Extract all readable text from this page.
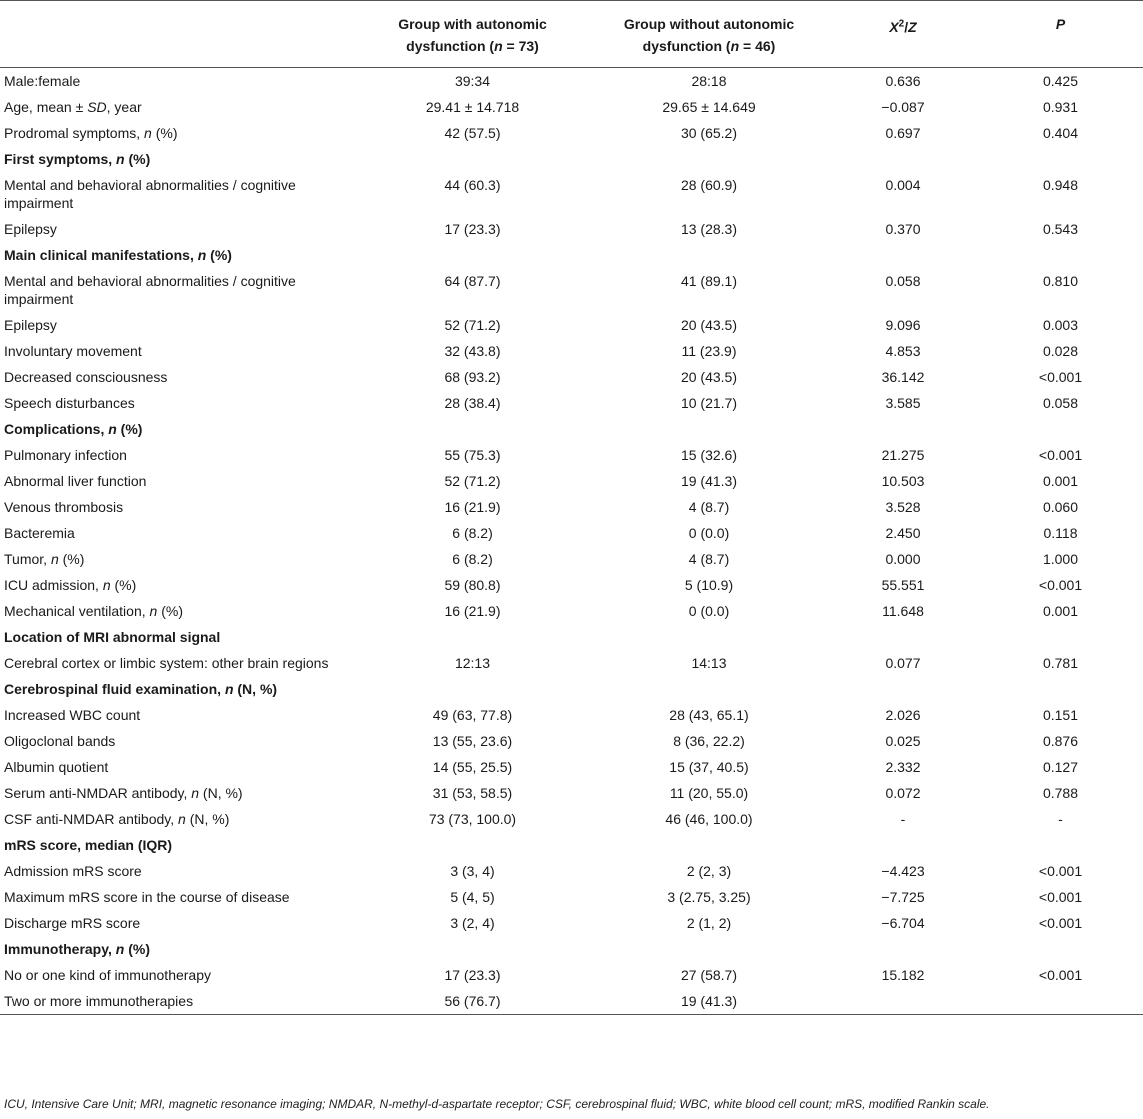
	Group with autonomic dysfunction (n = 73)	Group without autonomic dysfunction (n = 46)	$X^2/Z$	P
Male:female	39:34	28:18	0.636	0.425
Age, mean ± SD, year	29.41 ± 14.718	29.65 ± 14.649	−0.087	0.931
Prodromal symptoms, n (%)	42 (57.5)	30 (65.2)	0.697	0.404
First symptoms, n (%)				
Mental and behavioral abnormalities / cognitive impairment	44 (60.3)	28 (60.9)	0.004	0.948
Epilepsy	17 (23.3)	13 (28.3)	0.370	0.543
Main clinical manifestations, n (%)				
Mental and behavioral abnormalities / cognitive impairment	64 (87.7)	41 (89.1)	0.058	0.810
Epilepsy	52 (71.2)	20 (43.5)	9.096	0.003
Involuntary movement	32 (43.8)	11 (23.9)	4.853	0.028
Decreased consciousness	68 (93.2)	20 (43.5)	36.142	<0.001
Speech disturbances	28 (38.4)	10 (21.7)	3.585	0.058
Complications, n (%)				
Pulmonary infection	55 (75.3)	15 (32.6)	21.275	<0.001
Abnormal liver function	52 (71.2)	19 (41.3)	10.503	0.001
Venous thrombosis	16 (21.9)	4 (8.7)	3.528	0.060
Bacteremia	6 (8.2)	0 (0.0)	2.450	0.118
Tumor, n (%)	6 (8.2)	4 (8.7)	0.000	1.000
ICU admission, n (%)	59 (80.8)	5 (10.9)	55.551	<0.001
Mechanical ventilation, n (%)	16 (21.9)	0 (0.0)	11.648	0.001
Location of MRI abnormal signal				
Cerebral cortex or limbic system: other brain regions	12:13	14:13	0.077	0.781
Cerebrospinal fluid examination, n (N, %)				
Increased WBC count	49 (63, 77.8)	28 (43, 65.1)	2.026	0.151
Oligoclonal bands	13 (55, 23.6)	8 (36, 22.2)	0.025	0.876
Albumin quotient	14 (55, 25.5)	15 (37, 40.5)	2.332	0.127
Serum anti-NMDAR antibody, n (N, %)	31 (53, 58.5)	11 (20, 55.0)	0.072	0.788
CSF anti-NMDAR antibody, n (N, %)	73 (73, 100.0)	46 (46, 100.0)	-	-
mRS score, median (IQR)				
Admission mRS score	3 (3, 4)	2 (2, 3)	−4.423	<0.001
Maximum mRS score in the course of disease	5 (4, 5)	3 (2.75, 3.25)	−7.725	<0.001
Discharge mRS score	3 (2, 4)	2 (1, 2)	−6.704	<0.001
Immunotherapy, n (%)				
No or one kind of immunotherapy	17 (23.3)	27 (58.7)	15.182	<0.001
Two or more immunotherapies	56 (76.7)	19 (41.3)		
ICU, Intensive Care Unit; MRI, magnetic resonance imaging; NMDAR, N-methyl-d-aspartate receptor; CSF, cerebrospinal fluid; WBC, white blood cell count; mRS, modified Rankin scale.
